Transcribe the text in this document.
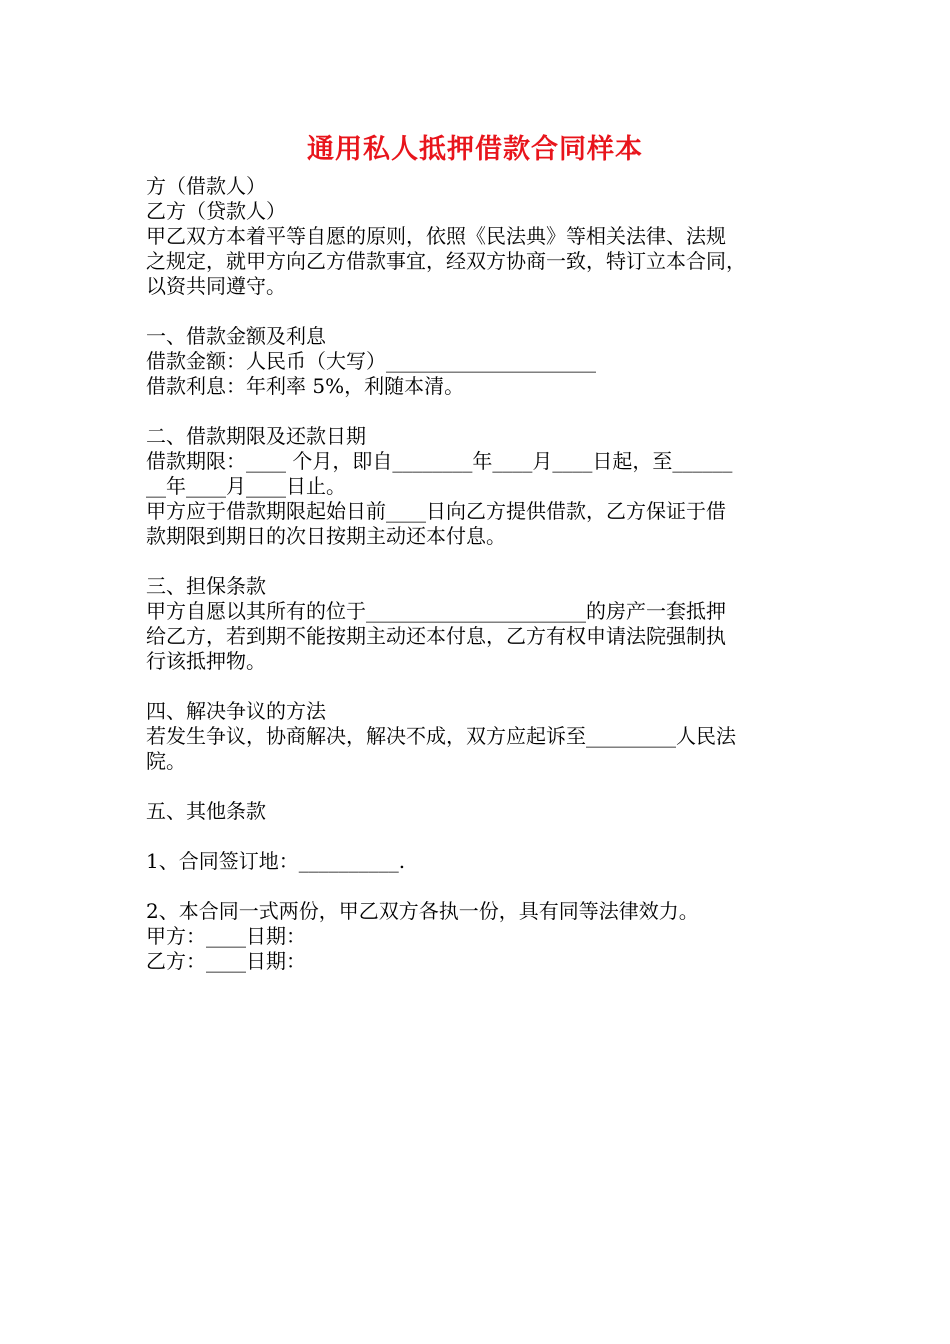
通用私人抵押借款合同样本
方（借款人）
乙方（贷款人）
甲乙双方本着平等自愿的原则，依照《民法典》等相关法律、法规
之规定，就甲方向乙方借款事宜，经双方协商一致，特订立本合同，
以资共同遵守。
一、借款金额及利息
借款金额：人民币（大写）_____________________
借款利息：年利率 5%，利随本清。
二、借款期限及还款日期
借款期限：____ 个月，即自________年____月____日起，至______
__年____月____日止。
甲方应于借款期限起始日前____日向乙方提供借款，乙方保证于借
款期限到期日的次日按期主动还本付息。
三、担保条款
甲方自愿以其所有的位于______________________的房产一套抵押
给乙方，若到期不能按期主动还本付息，乙方有权申请法院强制执
行该抵押物。
四、解决争议的方法
若发生争议，协商解决，解决不成，双方应起诉至_________人民法
院。
五、其他条款
1、合同签订地：__________.
2、本合同一式两份，甲乙双方各执一份，具有同等法律效力。
甲方：____日期：
乙方：____日期：
